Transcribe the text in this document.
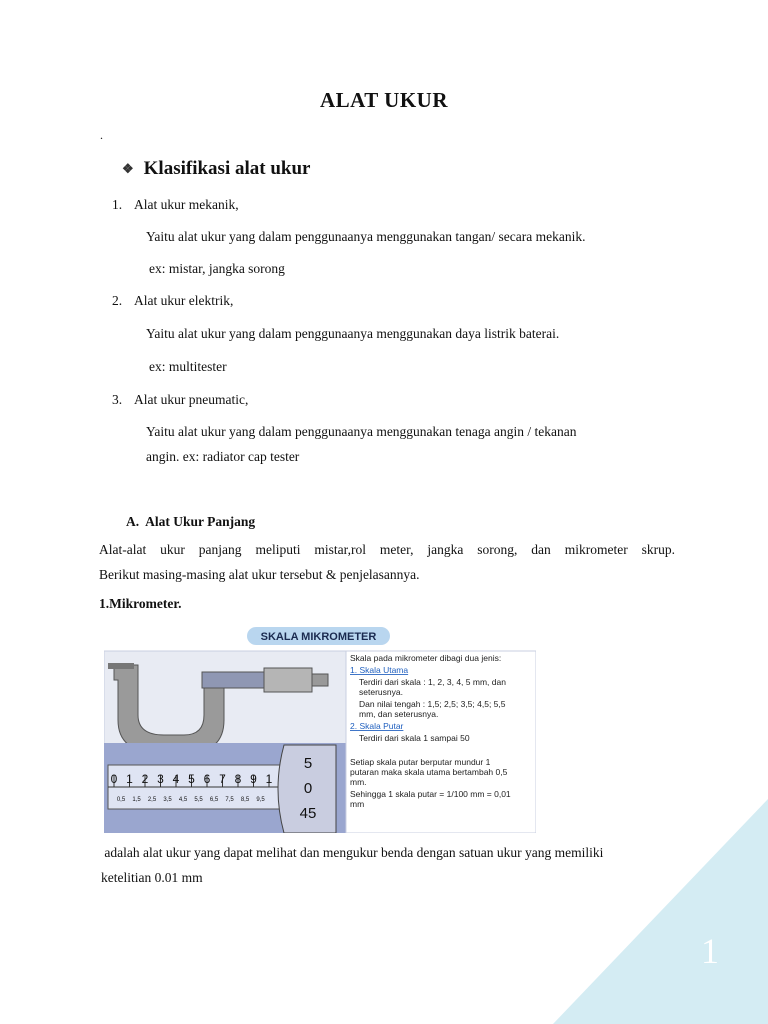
ALAT UKUR
.
❖ Klasifikasi alat ukur
1. Alat ukur mekanik,
Yaitu alat ukur yang dalam penggunaanya menggunakan tangan/ secara mekanik.
ex: mistar, jangka sorong
2. Alat ukur elektrik,
Yaitu alat ukur yang dalam penggunaanya menggunakan daya listrik baterai.
ex: multitester
3. Alat ukur pneumatic,
Yaitu alat ukur yang dalam penggunaanya menggunakan tenaga angin / tekanan
angin. ex: radiator cap tester
A. Alat Ukur Panjang
Alat-alat ukur panjang meliputi mistar,rol meter, jangka sorong, dan mikrometer skrup.
Berikut masing-masing alat ukur tersebut & penjelasannya.
1.Mikrometer.
SKALA MIKROMETER
0 1 2 3 4 5 6 7 8 9 1
0,5 1,5 2,5 3,5 4,5 5,5 6,5 7,5 8,5 9,5
5
0
45
Skala pada mikrometer dibagi dua jenis:
1. Skala Utama
Terdiri dari skala : 1, 2, 3, 4, 5 mm, dan
seterusnya.
Dan nilai tengah : 1,5; 2,5; 3,5; 4,5; 5,5
mm, dan seterusnya.
2. Skala Putar
Terdiri dari skala 1 sampai 50
Setiap skala putar berputar mundur 1
putaran maka skala utama bertambah 0,5
mm.
Sehingga 1 skala putar = 1/100 mm = 0,01
mm
adalah alat ukur yang dapat melihat dan mengukur benda dengan satuan ukur yang memiliki
ketelitian 0.01 mm
1
